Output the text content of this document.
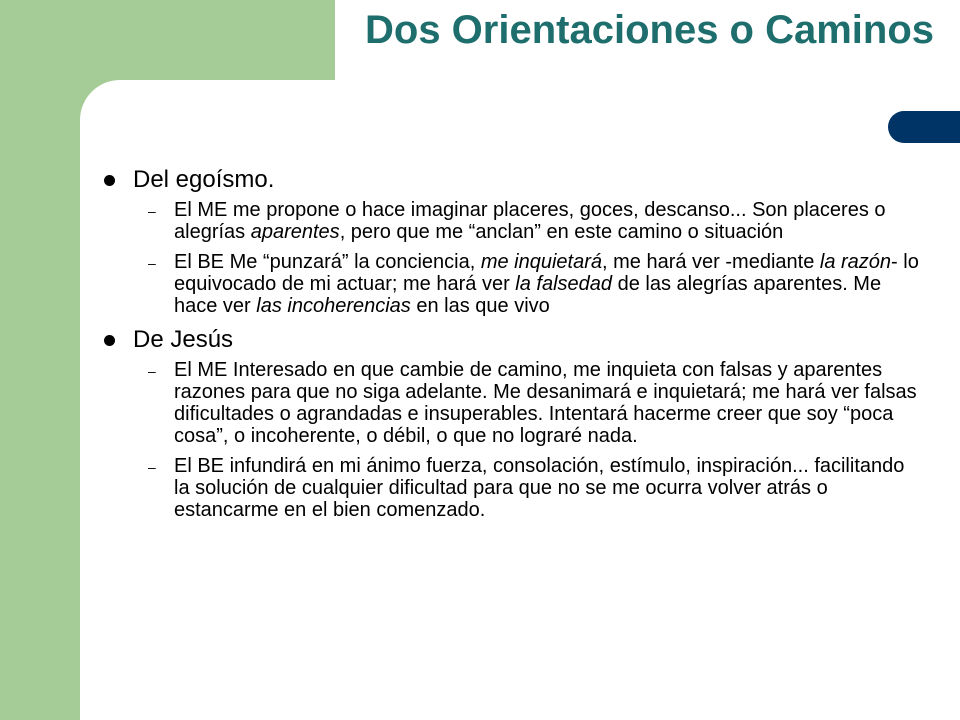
Dos Orientaciones o Caminos
Del egoísmo.
– El ME me propone o hace imaginar placeres, goces, descanso... Son placeres o alegrías aparentes, pero que me “anclan” en este camino o situación
– El BE Me “punzará” la conciencia, me inquietará, me hará ver -mediante la razón- lo equivocado de mi actuar; me hará ver la falsedad de las alegrías aparentes. Me hace ver las incoherencias en las que vivo
De Jesús
– El ME Interesado en que cambie de camino, me inquieta con falsas y aparentes razones para que no siga adelante. Me desanimará e inquietará; me hará ver falsas dificultades o agrandadas e insuperables. Intentará hacerme creer que soy “poca cosa”, o incoherente, o débil, o que no lograré nada.
– El BE infundirá en mi ánimo fuerza, consolación, estímulo, inspiración... facilitando la solución de cualquier dificultad para que no se me ocurra volver atrás o estancarme en el bien comenzado.
